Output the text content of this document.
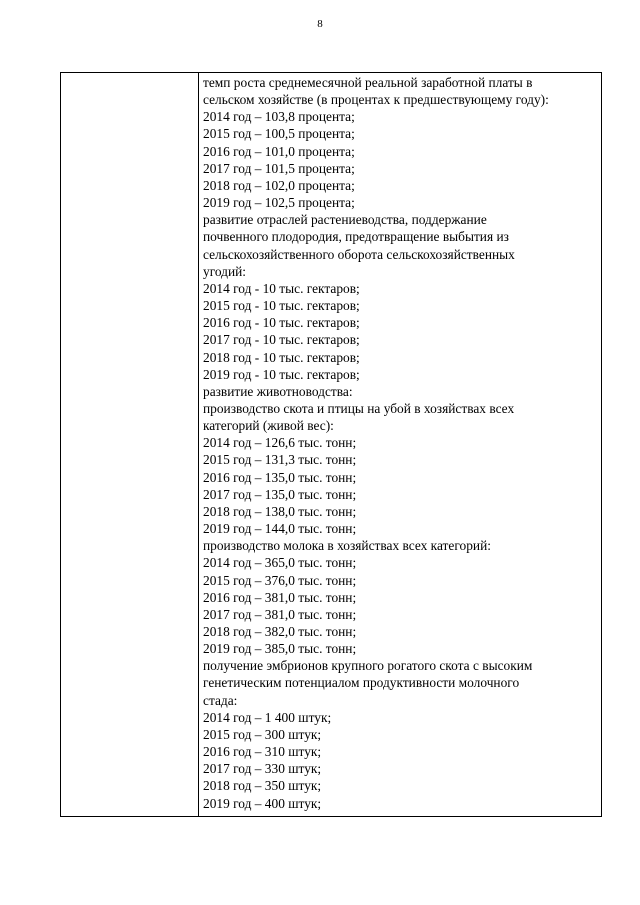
8
темп роста среднемесячной реальной заработной платы в
сельском хозяйстве (в процентах к предшествующему году):
2014 год – 103,8 процента;
2015 год – 100,5 процента;
2016 год – 101,0 процента;
2017 год – 101,5 процента;
2018 год – 102,0 процента;
2019 год – 102,5 процента;
развитие отраслей растениеводства, поддержание
почвенного плодородия, предотвращение выбытия из
сельскохозяйственного оборота сельскохозяйственных
угодий:
2014 год - 10 тыс. гектаров;
2015 год - 10 тыс. гектаров;
2016 год - 10 тыс. гектаров;
2017 год - 10 тыс. гектаров;
2018 год - 10 тыс. гектаров;
2019 год - 10 тыс. гектаров;
развитие животноводства:
производство скота и птицы на убой в хозяйствах всех
категорий (живой вес):
2014 год – 126,6 тыс. тонн;
2015 год – 131,3 тыс. тонн;
2016 год – 135,0 тыс. тонн;
2017 год – 135,0 тыс. тонн;
2018 год – 138,0 тыс. тонн;
2019 год – 144,0 тыс. тонн;
производство молока в хозяйствах всех категорий:
2014 год – 365,0 тыс. тонн;
2015 год – 376,0 тыс. тонн;
2016 год – 381,0 тыс. тонн;
2017 год – 381,0 тыс. тонн;
2018 год – 382,0 тыс. тонн;
2019 год – 385,0 тыс. тонн;
получение эмбрионов крупного рогатого скота с высоким
генетическим потенциалом продуктивности молочного
стада:
2014 год – 1 400 штук;
2015 год – 300 штук;
2016 год – 310 штук;
2017 год – 330 штук;
2018 год – 350 штук;
2019 год – 400 штук;
